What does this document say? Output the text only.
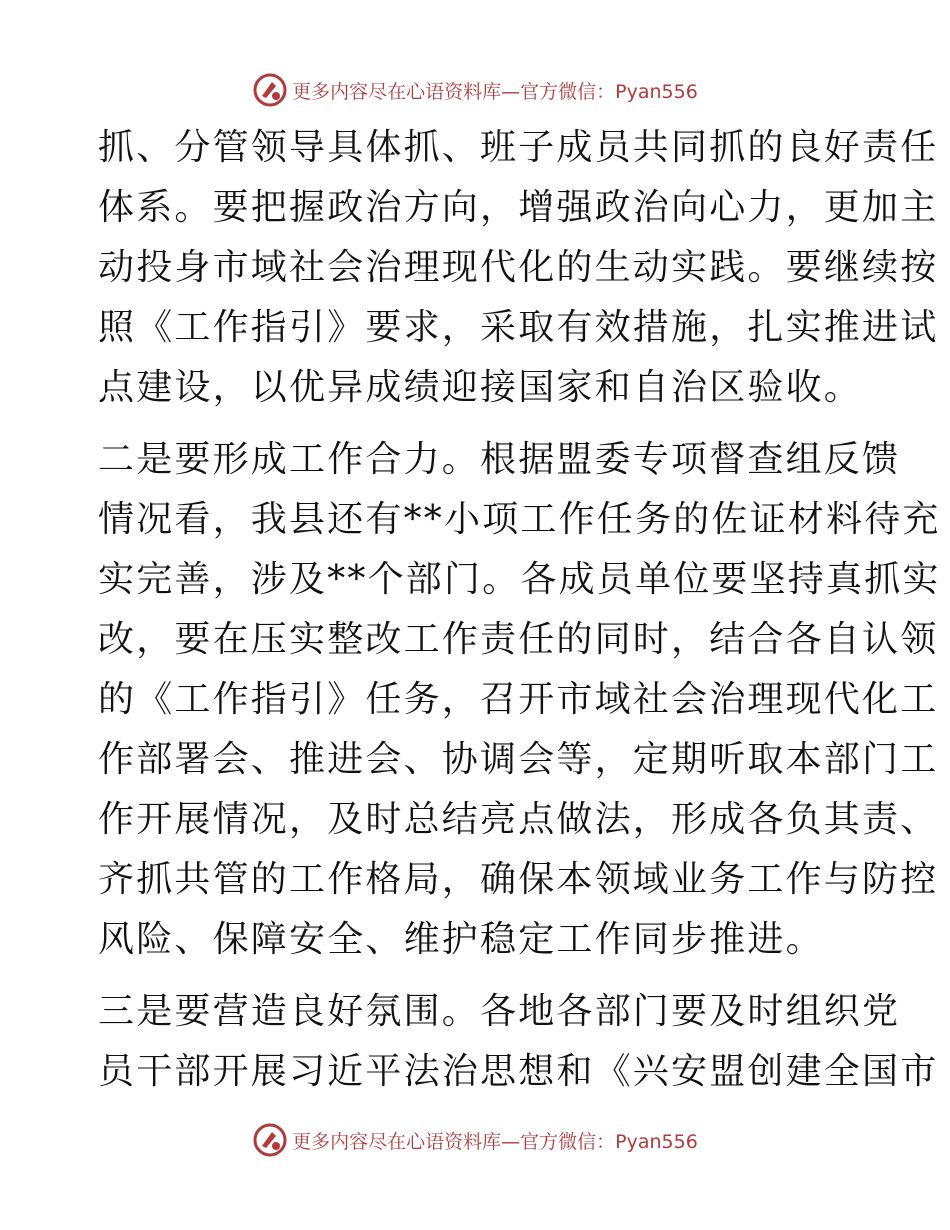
更多内容尽在心语资料库—官方微信：Pyan556
抓、分管领导具体抓、班子成员共同抓的良好责任
体系。要把握政治方向，增强政治向心力，更加主
动投身市域社会治理现代化的生动实践。要继续按
照《工作指引》要求，采取有效措施，扎实推进试
点建设，以优异成绩迎接国家和自治区验收。
二是要形成工作合力。根据盟委专项督查组反馈
情况看，我县还有**小项工作任务的佐证材料待充
实完善，涉及**个部门。各成员单位要坚持真抓实
改，要在压实整改工作责任的同时，结合各自认领
的《工作指引》任务，召开市域社会治理现代化工
作部署会、推进会、协调会等，定期听取本部门工
作开展情况，及时总结亮点做法，形成各负其责、
齐抓共管的工作格局，确保本领域业务工作与防控
风险、保障安全、维护稳定工作同步推进。
三是要营造良好氛围。各地各部门要及时组织党
员干部开展习近平法治思想和《兴安盟创建全国市
更多内容尽在心语资料库—官方微信：Pyan556
